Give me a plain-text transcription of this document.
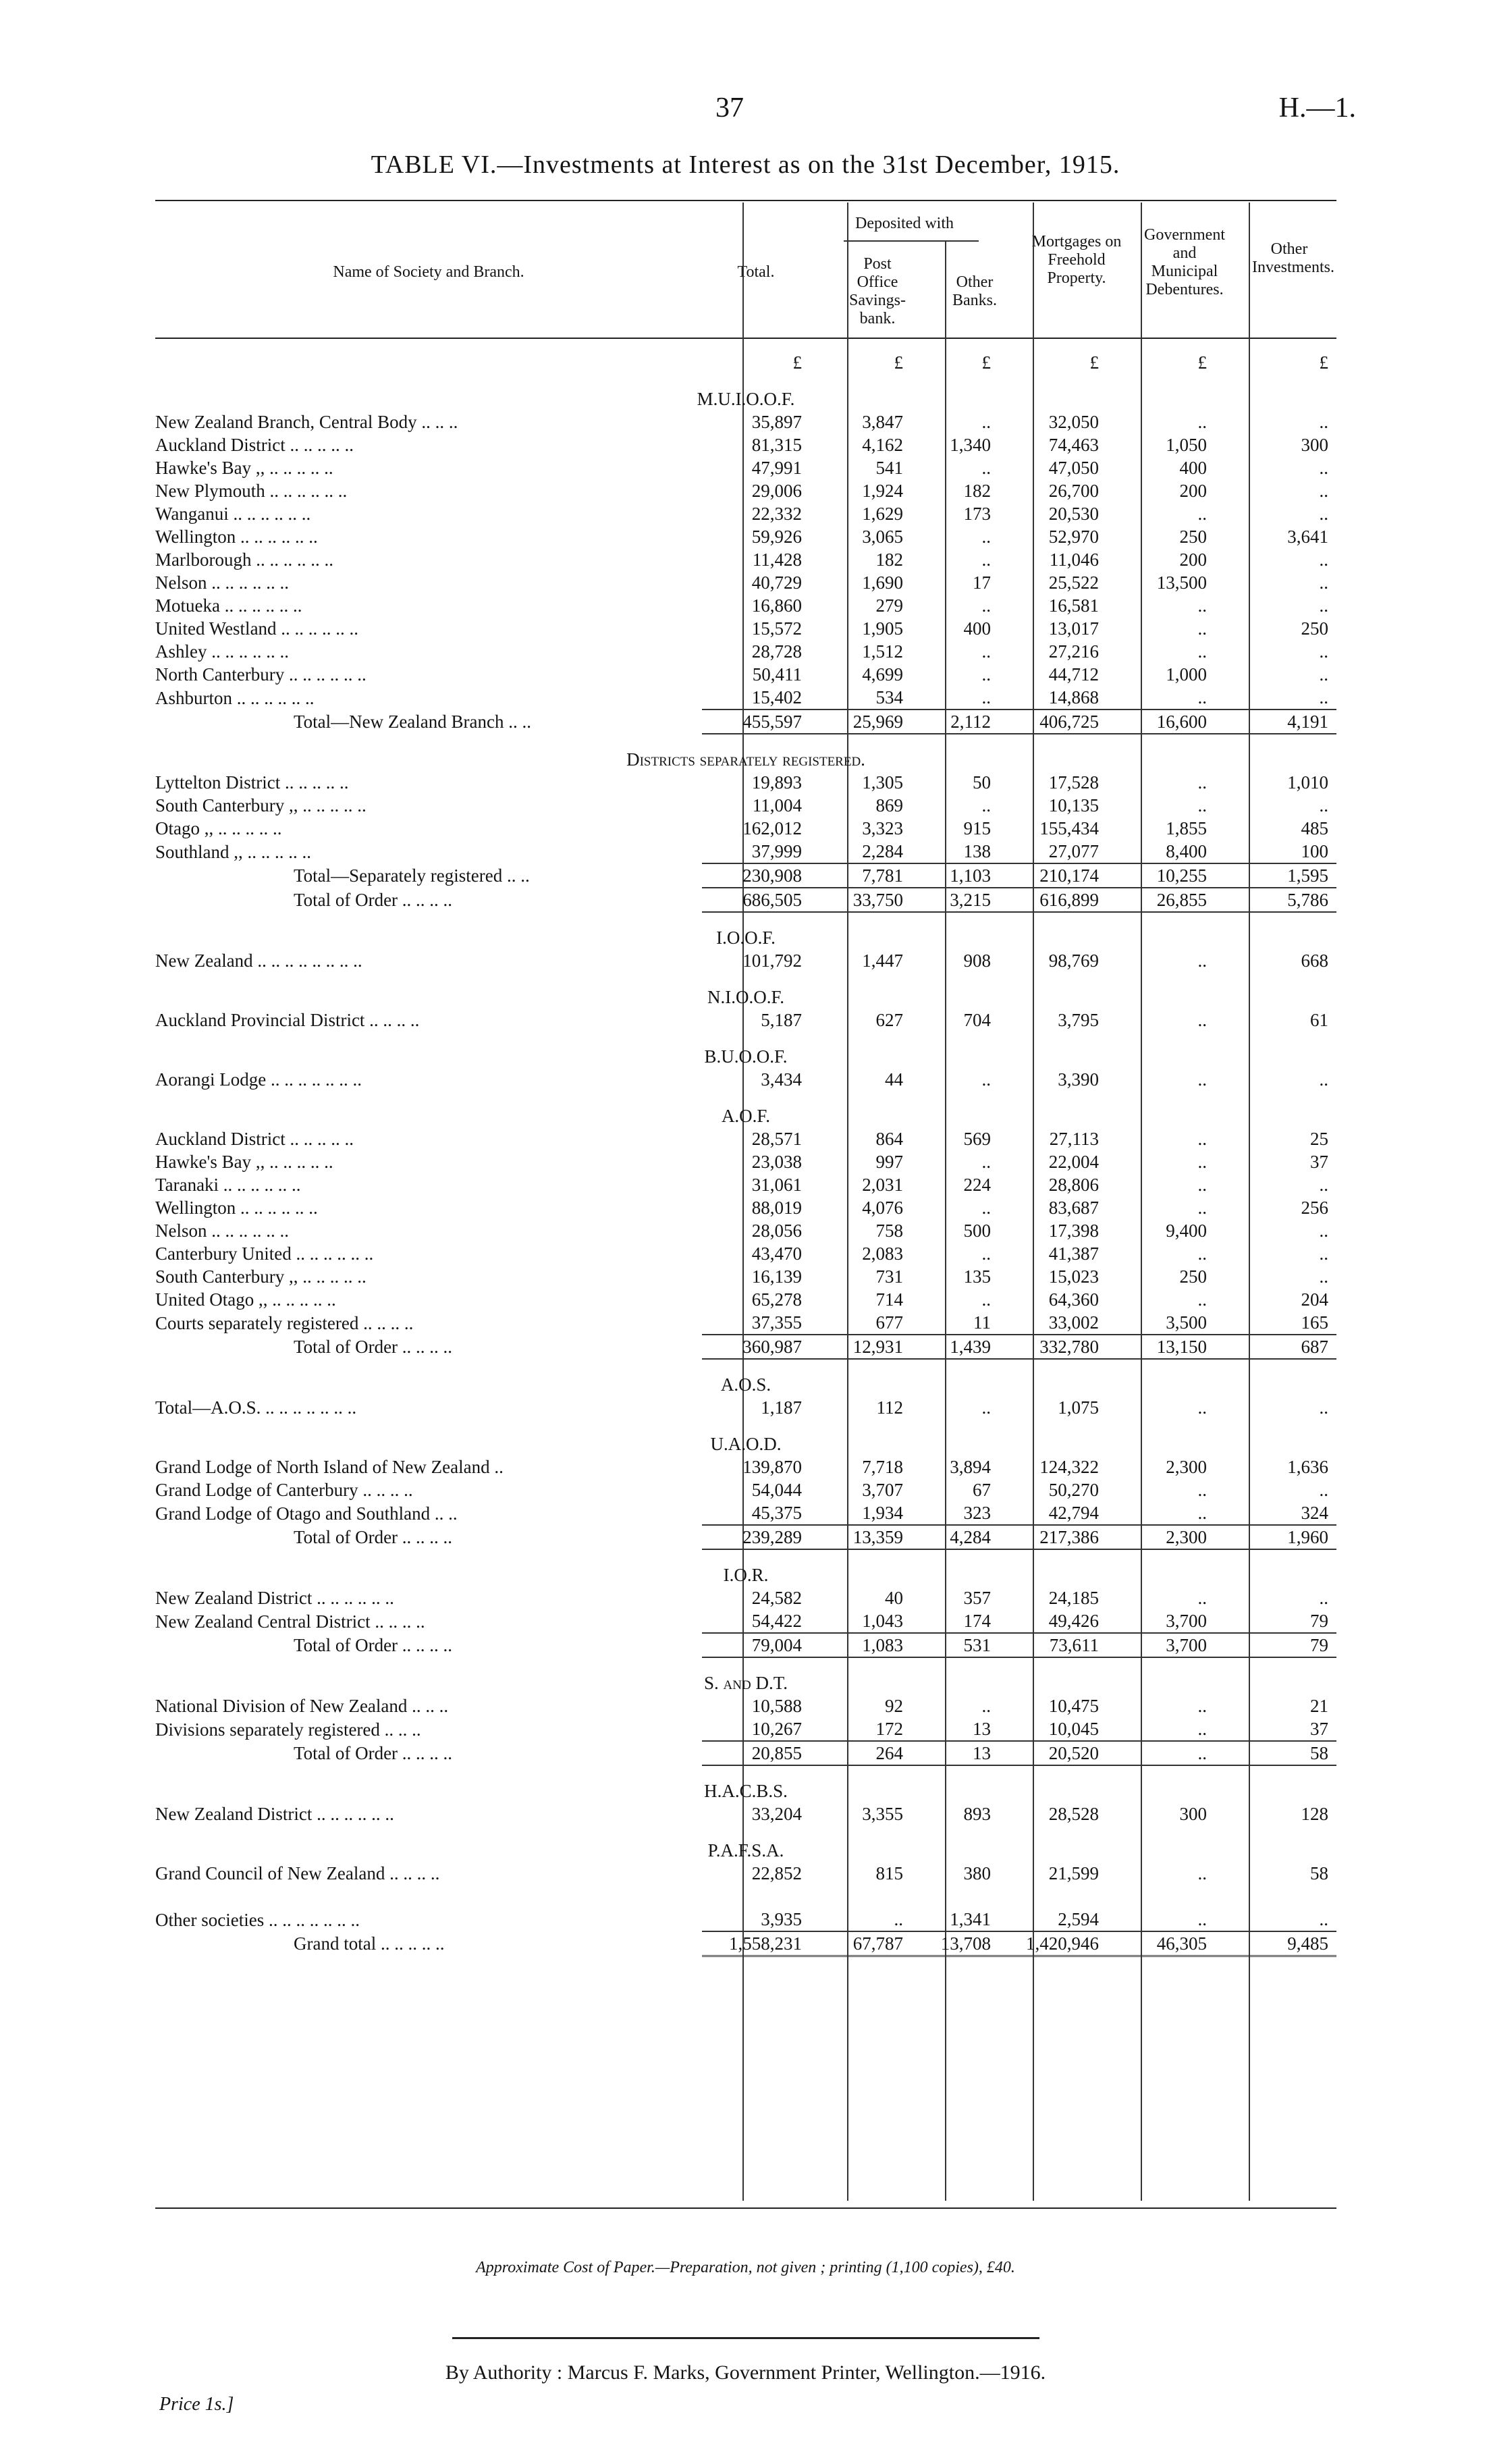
37	H.—1.
TABLE VI.—Investments at Interest as on the 31st December, 1915.
Name of Society and Branch.	Total.
Deposited with
Post Office Savings-bank.
Other Banks.
Mortgages on Freehold Property.
Government and Municipal Debentures.
Other Investments.
	£	£	£	£	£	£
M.U.I.O.O.F.						
New Zealand Branch, Central Body .. .. ..	35,897	3,847	..	32,050	..	..
Auckland District .. .. .. .. ..	81,315	4,162	1,340	74,463	1,050	300
Hawke's Bay ,, .. .. .. .. ..	47,991	541	..	47,050	400	..
New Plymouth .. .. .. .. .. ..	29,006	1,924	182	26,700	200	..
Wanganui .. .. .. .. .. ..	22,332	1,629	173	20,530	..	..
Wellington .. .. .. .. .. ..	59,926	3,065	..	52,970	250	3,641
Marlborough .. .. .. .. .. ..	11,428	182	..	11,046	200	..
Nelson .. .. .. .. .. ..	40,729	1,690	17	25,522	13,500	..
Motueka .. .. .. .. .. ..	16,860	279	..	16,581	..	..
United Westland .. .. .. .. .. ..	15,572	1,905	400	13,017	..	250
Ashley .. .. .. .. .. ..	28,728	1,512	..	27,216	..	..
North Canterbury .. .. .. .. .. ..	50,411	4,699	..	44,712	1,000	..
Ashburton .. .. .. .. .. ..	15,402	534	..	14,868	..	..
Total—New Zealand Branch .. ..	455,597	25,969	2,112	406,725	16,600	4,191
Districts separately registered.						
Lyttelton District .. .. .. .. ..	19,893	1,305	50	17,528	..	1,010
South Canterbury ,, .. .. .. .. ..	11,004	869	..	10,135	..	..
Otago ,, .. .. .. .. ..	162,012	3,323	915	155,434	1,855	485
Southland ,, .. .. .. .. ..	37,999	2,284	138	27,077	8,400	100
Total—Separately registered .. ..	230,908	7,781	1,103	210,174	10,255	1,595
Total of Order .. .. .. ..	686,505	33,750	3,215	616,899	26,855	5,786
I.O.O.F.						
New Zealand .. .. .. .. .. .. .. ..	101,792	1,447	908	98,769	..	668
N.I.O.O.F.						
Auckland Provincial District .. .. .. ..	5,187	627	704	3,795	..	61
B.U.O.O.F.						
Aorangi Lodge .. .. .. .. .. .. ..	3,434	44	..	3,390	..	..
A.O.F.						
Auckland District .. .. .. .. ..	28,571	864	569	27,113	..	25
Hawke's Bay ,, .. .. .. .. ..	23,038	997	..	22,004	..	37
Taranaki .. .. .. .. .. ..	31,061	2,031	224	28,806	..	..
Wellington .. .. .. .. .. ..	88,019	4,076	..	83,687	..	256
Nelson .. .. .. .. .. ..	28,056	758	500	17,398	9,400	..
Canterbury United .. .. .. .. .. ..	43,470	2,083	..	41,387	..	..
South Canterbury ,, .. .. .. .. ..	16,139	731	135	15,023	250	..
United Otago ,, .. .. .. .. ..	65,278	714	..	64,360	..	204
Courts separately registered .. .. .. ..	37,355	677	11	33,002	3,500	165
Total of Order .. .. .. ..	360,987	12,931	1,439	332,780	13,150	687
A.O.S.						
Total—A.O.S. .. .. .. .. .. .. ..	1,187	112	..	1,075	..	..
U.A.O.D.						
Grand Lodge of North Island of New Zealand ..	139,870	7,718	3,894	124,322	2,300	1,636
Grand Lodge of Canterbury .. .. .. ..	54,044	3,707	67	50,270	..	..
Grand Lodge of Otago and Southland .. ..	45,375	1,934	323	42,794	..	324
Total of Order .. .. .. ..	239,289	13,359	4,284	217,386	2,300	1,960
I.O.R.						
New Zealand District .. .. .. .. .. ..	24,582	40	357	24,185	..	..
New Zealand Central District .. .. .. ..	54,422	1,043	174	49,426	3,700	79
Total of Order .. .. .. ..	79,004	1,083	531	73,611	3,700	79
S. and D.T.						
National Division of New Zealand .. .. ..	10,588	92	..	10,475	..	21
Divisions separately registered .. .. ..	10,267	172	13	10,045	..	37
Total of Order .. .. .. ..	20,855	264	13	20,520	..	58
H.A.C.B.S.						
New Zealand District .. .. .. .. .. ..	33,204	3,355	893	28,528	300	128
P.A.F.S.A.						
Grand Council of New Zealand .. .. .. ..	22,852	815	380	21,599	..	58

Other societies .. .. .. .. .. .. ..	3,935	..	1,341	2,594	..	..
Grand total .. .. .. .. ..	1,558,231	67,787	13,708	1,420,946	46,305	9,485
Approximate Cost of Paper.—Preparation, not given ; printing (1,100 copies), £40.
By Authority : Marcus F. Marks, Government Printer, Wellington.—1916.
Price 1s.]
